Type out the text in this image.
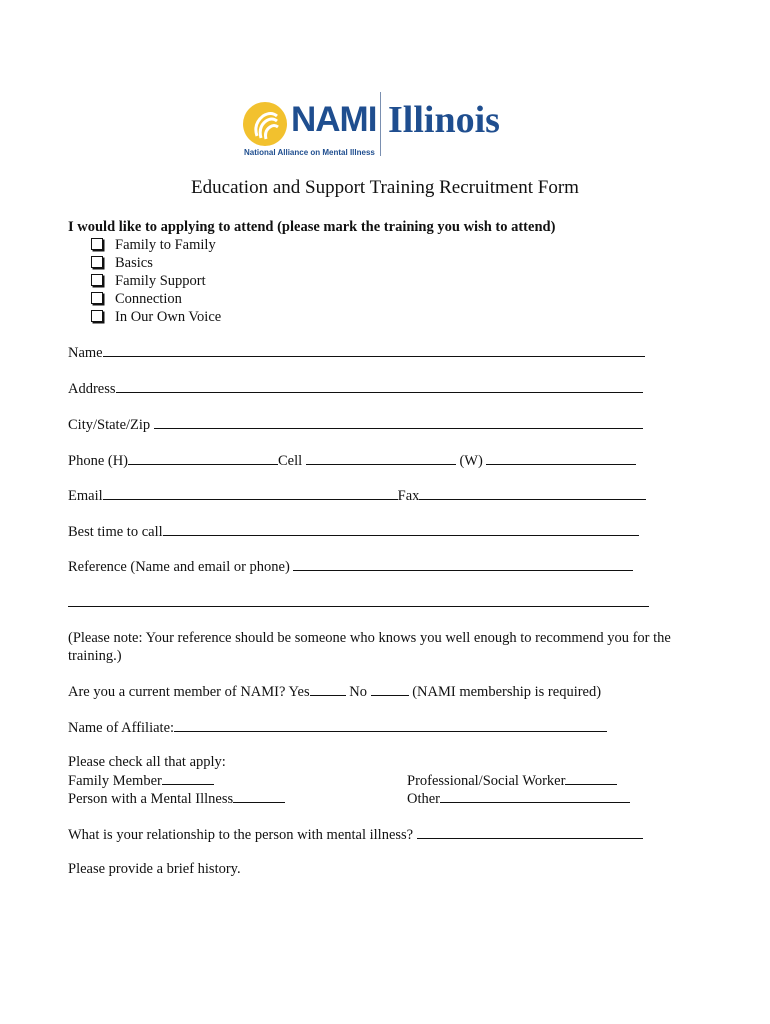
NAMI Illinois
National Alliance on Mental Illness
Education and Support Training Recruitment Form
I would like to applying to attend (please mark the training you wish to attend)
Family to Family
Basics
Family Support
Connection
In Our Own Voice
Name
Address
City/State/Zip
Phone (H)	Cell	(W)
Email	Fax
Best time to call
Reference (Name and email or phone)
(Please note: Your reference should be someone who knows you well enough to recommend you for the training.)
Are you a current member of NAMI? Yes No	(NAMI membership is required)
Name of Affiliate:
Please check all that apply:
Family Member	Professional/Social Worker
Person with a Mental Illness	Other
What is your relationship to the person with mental illness?
Please provide a brief history.
